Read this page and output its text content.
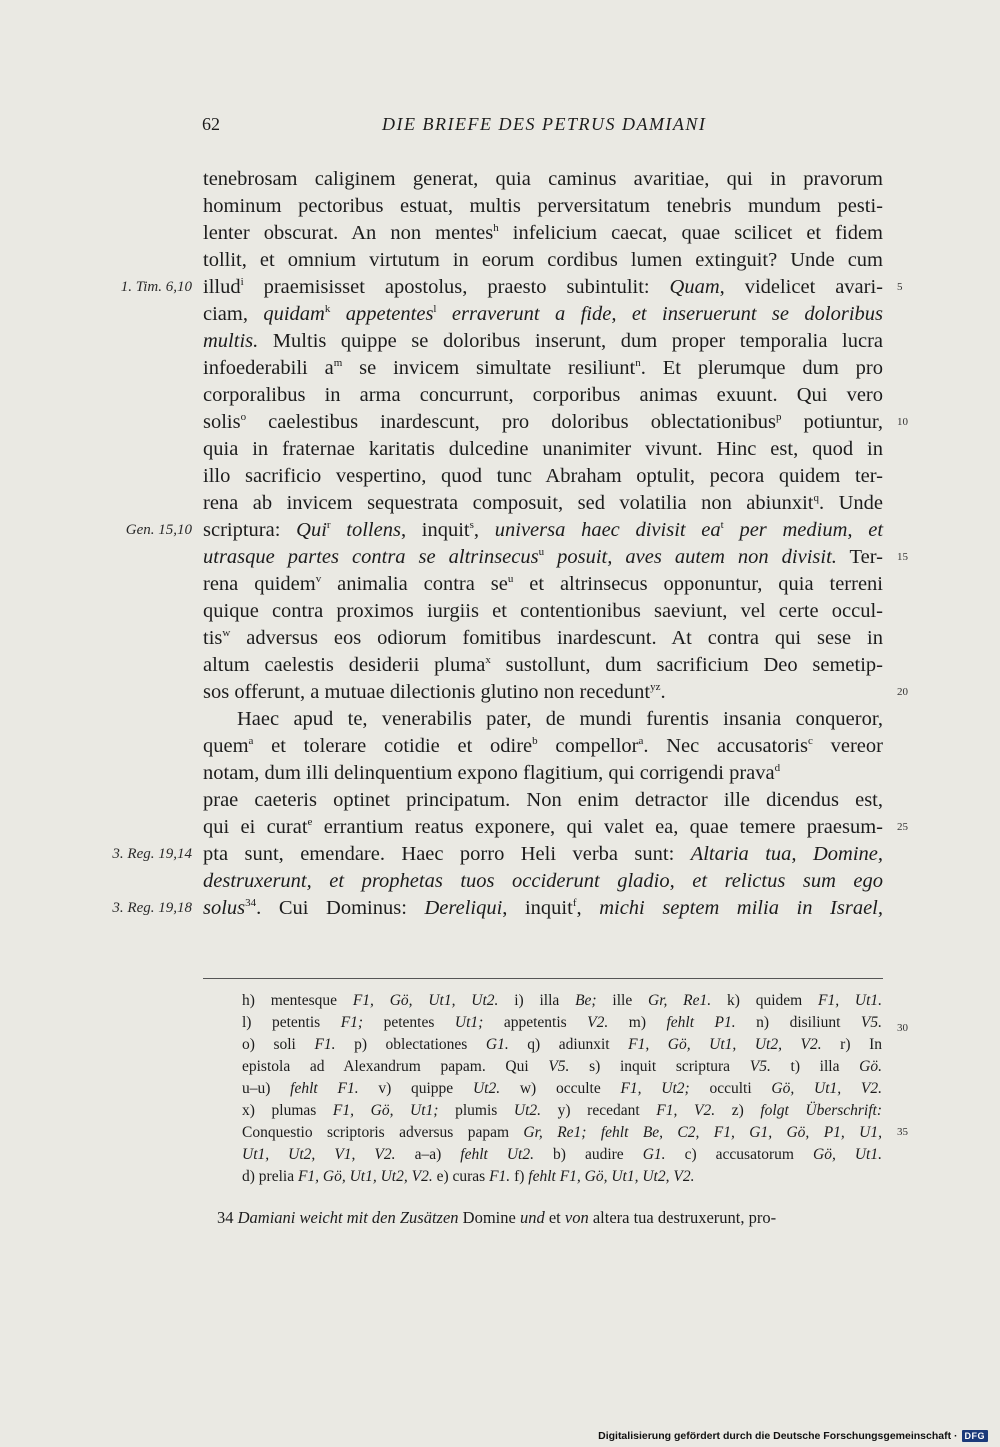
62	DIE BRIEFE DES PETRUS DAMIANI
1. Tim. 6,10
Gen. 15,10
3. Reg. 19,14
3. Reg. 19,18
5
10
15
20
25
30
35
tenebrosam caliginem generat, quia caminus avaritiae, qui in pravorum
hominum pectoribus estuat, multis perversitatum tenebris mundum pesti-
lenter obscurat. An non mentes$^h$ infelicium caecat, quae scilicet et fidem
tollit, et omnium virtutum in eorum cordibus lumen extinguit? Unde cum
illud$^i$ praemisisset apostolus, praesto subintulit: Quam, videlicet avari-
ciam, quidam$^k$ appetentes$^l$ erraverunt a fide, et inseruerunt se doloribus
multis. Multis quippe se doloribus inserunt, dum proper temporalia lucra
infoederabili $a^m$ se invicem simultate resiliunt$^n$. Et plerumque dum pro
corporalibus in arma concurrunt, corporibus animas exuunt. Qui vero
solis$^o$ caelestibus inardescunt, pro doloribus oblectationibus$^p$ potiuntur,
quia in fraternae karitatis dulcedine unanimiter vivunt. Hinc est, quod in
illo sacrificio vespertino, quod tunc Abraham optulit, pecora quidem ter-
rena ab invicem sequestrata composuit, sed volatilia non abiunxit$^q$. Unde
scriptura: Qui$^r$ tollens, inquit$^s$, universa haec divisit $ea^t$ per medium, et
utrasque partes contra se altrinsecus$^u$ posuit, aves autem non divisit. Ter-
rena quidem$^v$ animalia contra $se^u$ et altrinsecus opponuntur, quia terreni
quique contra proximos iurgiis et contentionibus saeviunt, vel certe occul-
tis$^w$ adversus eos odiorum fomitibus inardescunt. At contra qui sese in
altum caelestis desiderii pluma$^x$ sustollunt, dum sacrificium Deo semetip-
sos offerunt, a mutuae dilectionis glutino non recedunt$^{yz}$.
Haec apud te, venerabilis pater, de mundi furentis insania conqueror,
quem$^a$ et tolerare cotidie et odire$^b$ compellor$^a$. Nec accusatoris$^c$ vereor
notam, dum illi delinquentium expono flagitium, qui corrigendi prava$^d$
prae caeteris optinet principatum. Non enim detractor ille dicendus est,
qui ei curat$^e$ errantium reatus exponere, qui valet ea, quae temere praesum-
pta sunt, emendare. Haec porro Heli verba sunt: Altaria tua, Domine,
destruxerunt, et prophetas tuos occiderunt gladio, et relictus sum ego
solus$^{34}$. Cui Dominus: Dereliqui, inquit$^f$, michi septem milia in Israel,
h) mentesque F1, Gö, Ut1, Ut2. i) illa Be; ille Gr, Re1. k) quidem F1, Ut1.
l) petentis F1; petentes Ut1; appetentis V2. m) fehlt P1. n) disiliunt V5.
o) soli F1. p) oblectationes G1. q) adiunxit F1, Gö, Ut1, Ut2, V2. r) In
epistola ad Alexandrum papam. Qui V5. s) inquit scriptura V5. t) illa Gö.
u–u) fehlt F1. v) quippe Ut2. w) occulte F1, Ut2; occulti Gö, Ut1, V2.
x) plumas F1, Gö, Ut1; plumis Ut2. y) recedant F1, V2. z) folgt Überschrift:
Conquestio scriptoris adversus papam Gr, Re1; fehlt Be, C2, F1, G1, Gö, P1, U1,
Ut1, Ut2, V1, V2. a–a) fehlt Ut2. b) audire G1. c) accusatorum Gö, Ut1.
d) prelia F1, Gö, Ut1, Ut2, V2. e) curas F1. f) fehlt F1, Gö, Ut1, Ut2, V2.
34 Damiani weicht mit den Zusätzen Domine und et von altera tua destruxerunt, pro-
Digitalisierung gefördert durch die Deutsche Forschungsgemeinschaft · DFG
